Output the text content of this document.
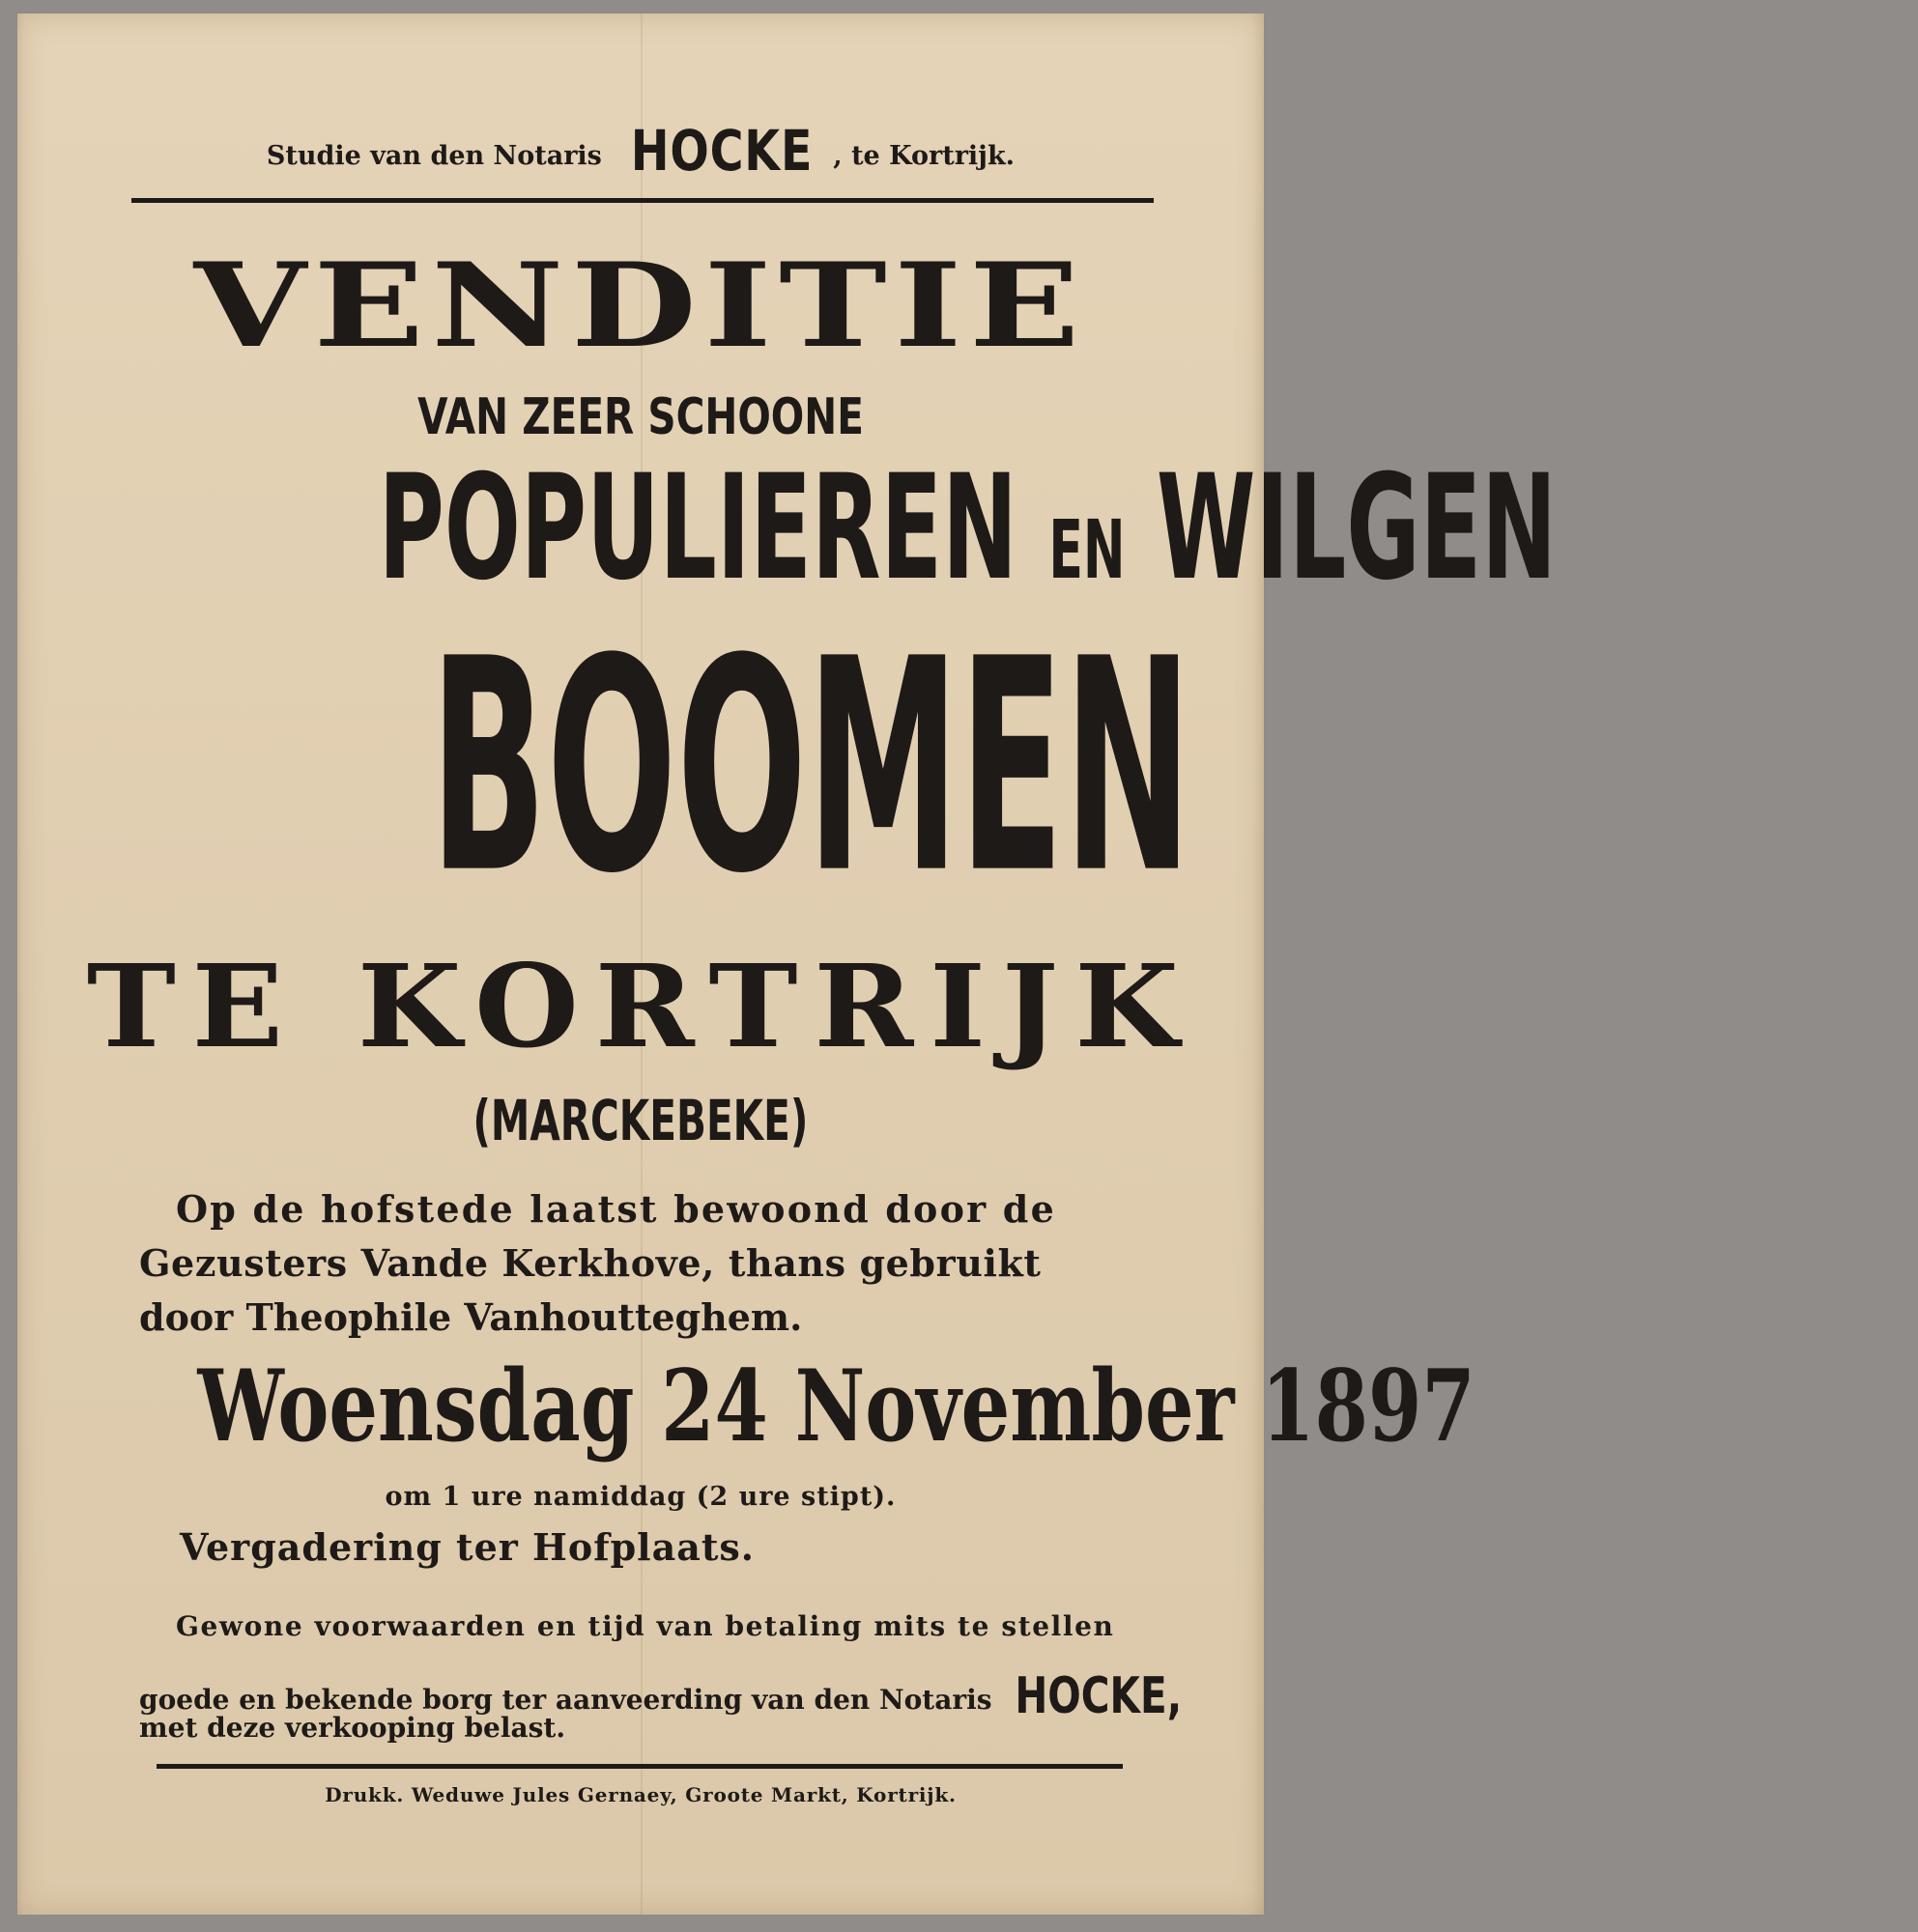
Studie van den Notaris HOCKE , te Kortrijk.
VENDITIE
VAN ZEER SCHOONE
POPULIEREN EN WILGEN
BOOMEN
TE KORTRIJK
(MARCKEBEKE)
Op de hofstede laatst bewoond door de
Gezusters Vande Kerkhove, thans gebruikt
door Theophile Vanhoutteghem.
Woensdag 24 November 1897
om 1 ure namiddag (2 ure stipt).
Vergadering ter Hofplaats.
Gewone voorwaarden en tijd van betaling mits te stellen
goede en bekende borg ter aanveerding van den Notaris HOCKE,
met deze verkooping belast.
Drukk. Weduwe Jules Gernaey, Groote Markt, Kortrijk.
